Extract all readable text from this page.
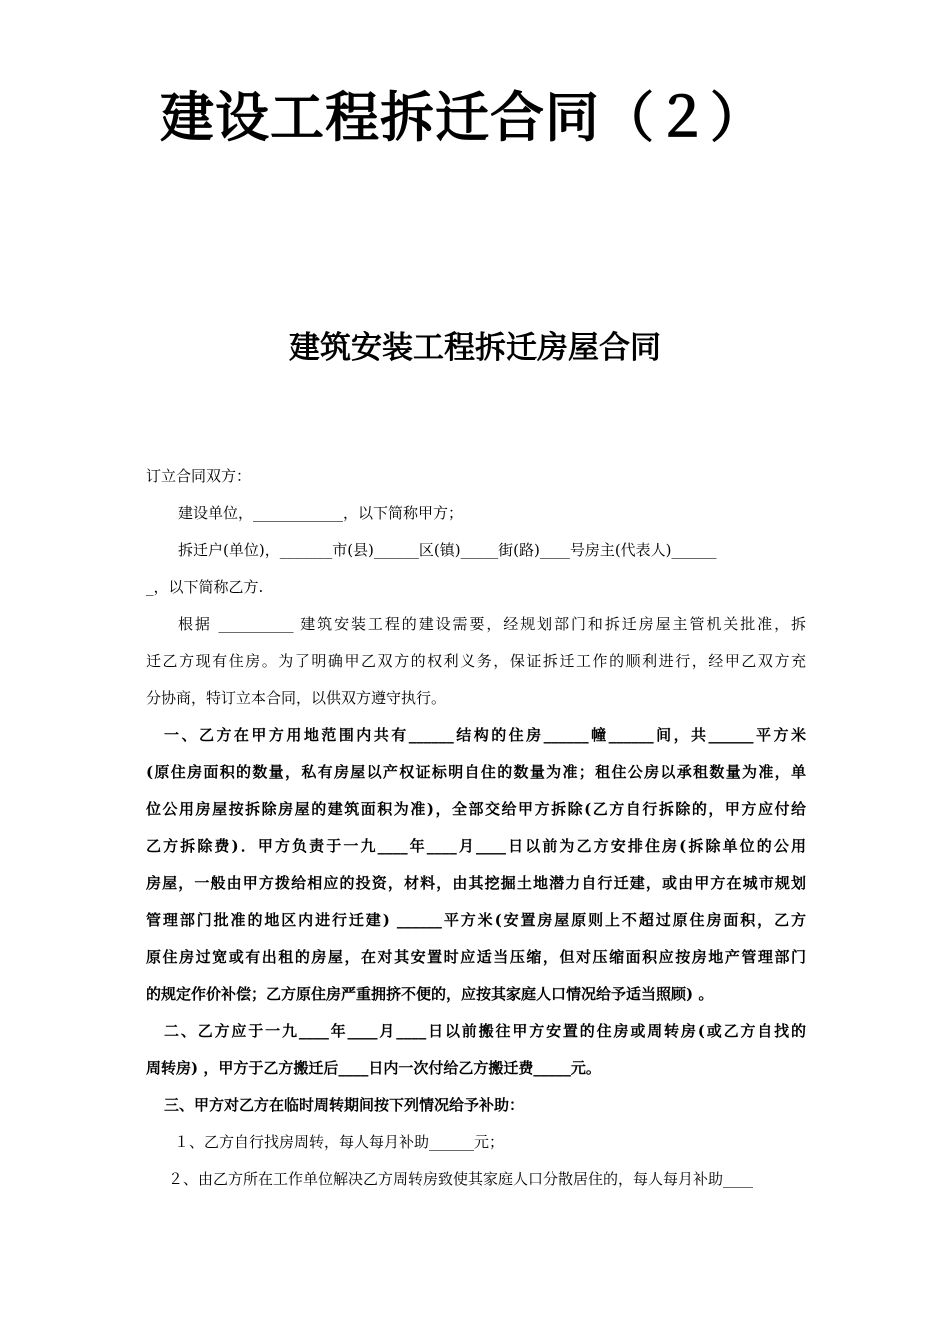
建设工程拆迁合同（２）
建筑安装工程拆迁房屋合同
订立合同双方：
建设单位，____________，以下简称甲方；
拆迁户(单位)，_______市(县)______区(镇)_____街(路)____号房主(代表人)______
_，以下简称乙方.
根据 __________ 建筑安装工程的建设需要，经规划部门和拆迁房屋主管机关批准，拆
迁乙方现有住房。为了明确甲乙双方的权利义务，保证拆迁工作的顺利进行，经甲乙双方充
分协商，特订立本合同，以供双方遵守执行。
一、乙方在甲方用地范围内共有______结构的住房______幢______间，共______平方米
(原住房面积的数量，私有房屋以产权证标明自住的数量为准；租住公房以承租数量为准，单
位公用房屋按拆除房屋的建筑面积为准)，全部交给甲方拆除(乙方自行拆除的，甲方应付给
乙方拆除费)．甲方负责于一九____年____月____日以前为乙方安排住房(拆除单位的公用
房屋，一般由甲方拨给相应的投资，材料，由其挖掘土地潜力自行迁建，或由甲方在城市规划
管理部门批准的地区内进行迁建) ______平方米(安置房屋原则上不超过原住房面积，乙方
原住房过宽或有出租的房屋，在对其安置时应适当压缩，但对压缩面积应按房地产管理部门
的规定作价补偿；乙方原住房严重拥挤不便的，应按其家庭人口情况给予适当照顾) 。
二、乙方应于一九____年____月____日以前搬往甲方安置的住房或周转房(或乙方自找的
周转房) ，甲方于乙方搬迁后____日内一次付给乙方搬迁费_____元。
三、甲方对乙方在临时周转期间按下列情况给予补助：
１、乙方自行找房周转，每人每月补助______元；
２、由乙方所在工作单位解决乙方周转房致使其家庭人口分散居住的，每人每月补助____
